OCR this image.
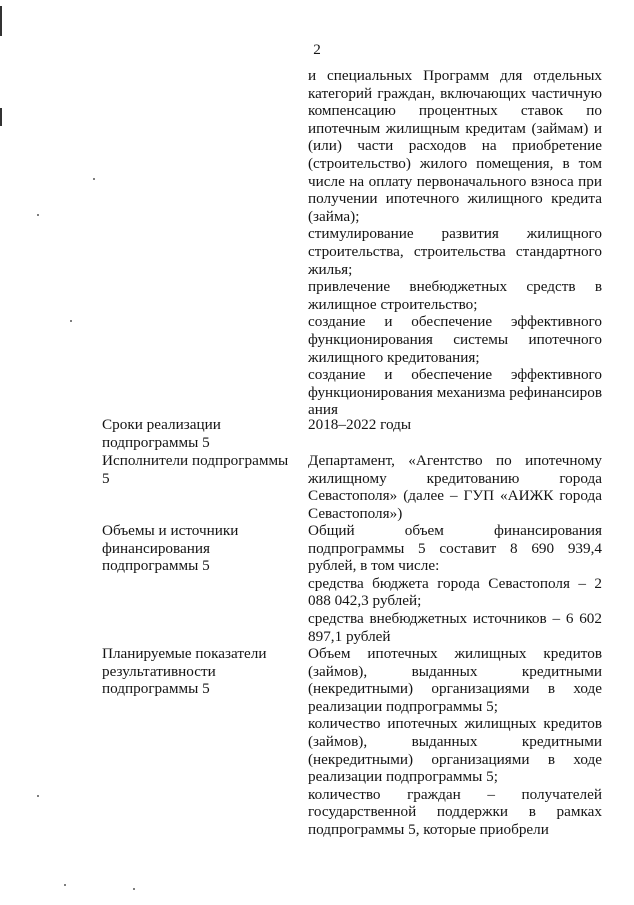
2
и специальных Программ для отдельных категорий граждан, включающих частичную компенсацию процентных ставок по ипотечным жилищным кредитам (займам) и (или) части расходов на приобретение (строительство) жилого помещения, в том числе на оплату первоначального взноса при получении ипотечного жилищного кредита (займа);
стимулирование развития жилищного строительства, строительства стандартного жилья;
привлечение внебюджетных средств в жилищное строительство;
создание и обеспечение эффективного функционирования системы ипотечного жилищного кредитования;
создание и обеспечение эффективного функционирования механизма рефинансиров ания
Сроки реализации подпрограммы 5
2018–2022 годы
Исполнители подпрограммы 5
Департамент, «Агентство по ипотечному жилищному кредитованию города Севастополя» (далее – ГУП «АИЖК города Севастополя»)
Объемы и источники финансирования подпрограммы 5
Общий объем финансирования подпрограммы 5 составит 8 690 939,4 рублей, в том числе:
средства бюджета города Севастополя – 2 088 042,3 рублей;
средства внебюджетных источников – 6 602 897,1 рублей
Планируемые показатели результативности подпрограммы 5
Объем ипотечных жилищных кредитов (займов), выданных кредитными (некредитными) организациями в ходе реализации подпрограммы 5;
количество ипотечных жилищных кредитов (займов), выданных кредитными (некредитными) организациями в ходе реализации подпрограммы 5;
количество граждан – получателей государственной поддержки в рамках подпрограммы 5, которые приобрели
